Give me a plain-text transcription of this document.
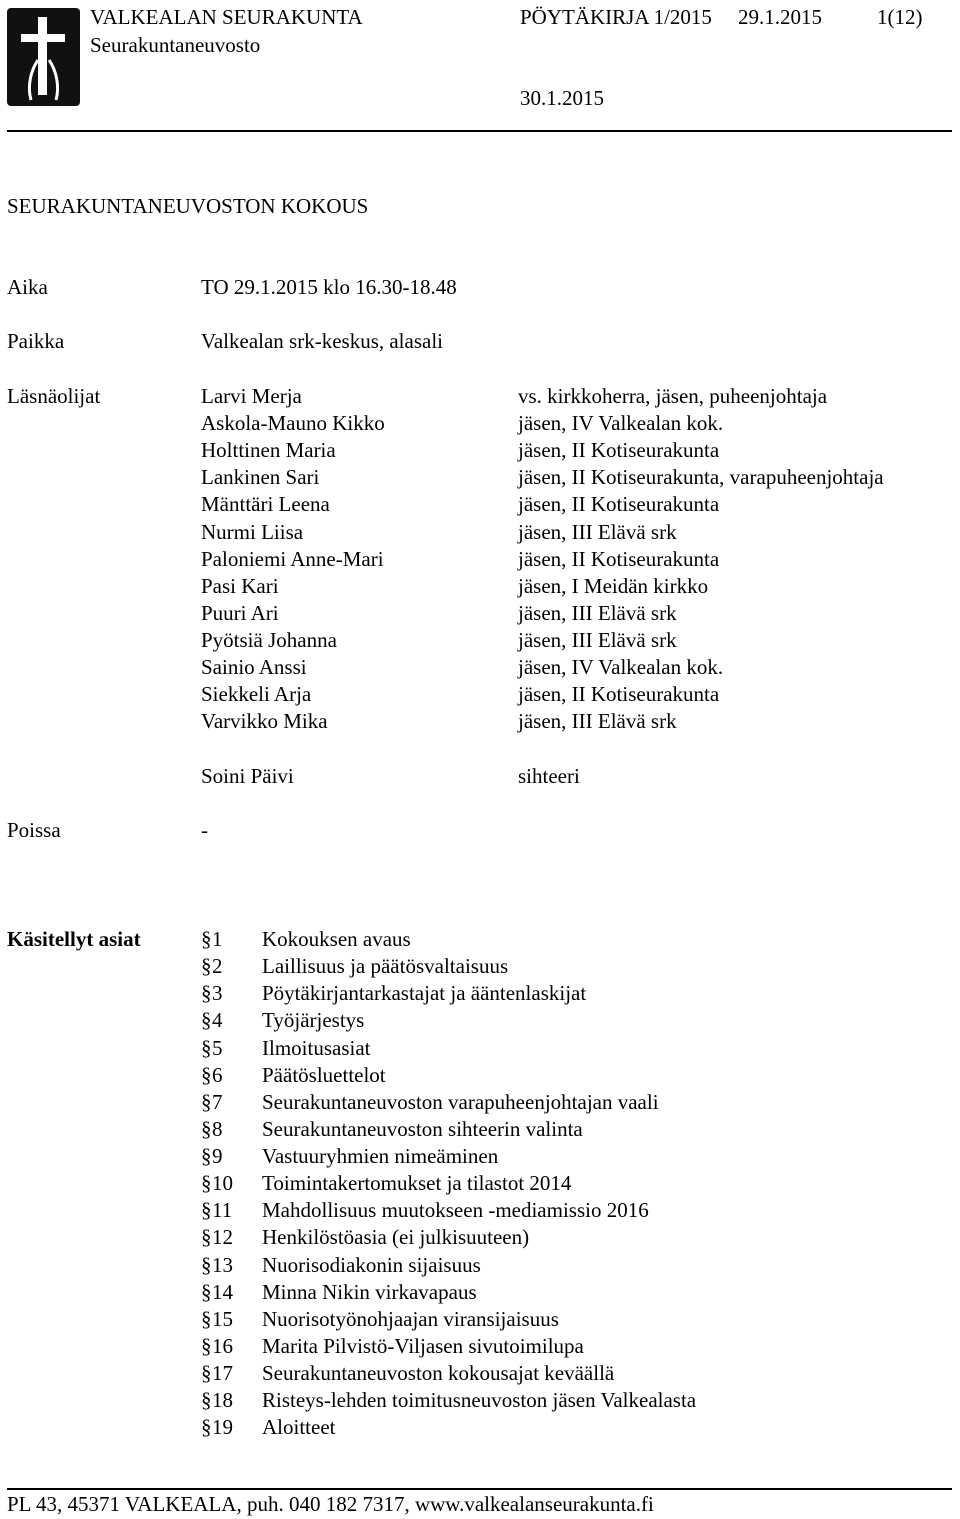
VALKEALAN SEURAKUNTA	PÖYTÄKIRJA 1/2015 29.1.2015	1(12)
Seurakuntaneuvosto
30.1.2015
SEURAKUNTANEUVOSTON KOKOUS
Aika	TO 29.1.2015 klo 16.30-18.48
Paikka	Valkealan srk-keskus, alasali
Läsnäolijat	Larvi Merja	vs. kirkkoherra, jäsen, puheenjohtaja
Askola-Mauno Kikko	jäsen, IV Valkealan kok.
Holttinen Maria	jäsen, II Kotiseurakunta
Lankinen Sari	jäsen, II Kotiseurakunta, varapuheenjohtaja
Mänttäri Leena	jäsen, II Kotiseurakunta
Nurmi Liisa	jäsen, III Elävä srk
Paloniemi Anne-Mari	jäsen, II Kotiseurakunta
Pasi Kari	jäsen, I Meidän kirkko
Puuri Ari	jäsen, III Elävä srk
Pyötsiä Johanna	jäsen, III Elävä srk
Sainio Anssi	jäsen, IV Valkealan kok.
Siekkeli Arja	jäsen, II Kotiseurakunta
Varvikko Mika	jäsen, III Elävä srk
Soini Päivi	sihteeri
Poissa	-
Käsitellyt asiat	§ 1 Kokouksen avaus
§ 2 Laillisuus ja päätösvaltaisuus
§ 3 Pöytäkirjantarkastajat ja ääntenlaskijat
§ 4 Työjärjestys
§ 5 Ilmoitusasiat
§ 6 Päätösluettelot
§ 7 Seurakuntaneuvoston varapuheenjohtajan vaali
§ 8 Seurakuntaneuvoston sihteerin valinta
§ 9 Vastuuryhmien nimeäminen
§ 10 Toimintakertomukset ja tilastot 2014
§ 11 Mahdollisuus muutokseen -mediamissio 2016
§ 12 Henkilöstöasia (ei julkisuuteen)
§ 13 Nuorisodiakonin sijaisuus
§ 14 Minna Nikin virkavapaus
§ 15 Nuorisotyönohjaajan viransijaisuus
§ 16 Marita Pilvistö-Viljasen sivutoimilupa
§ 17 Seurakuntaneuvoston kokousajat keväällä
§ 18 Risteys-lehden toimitusneuvoston jäsen Valkealasta
§ 19 Aloitteet
PL 43, 45371 VALKEALA, puh. 040 182 7317, www.valkealanseurakunta.fi
